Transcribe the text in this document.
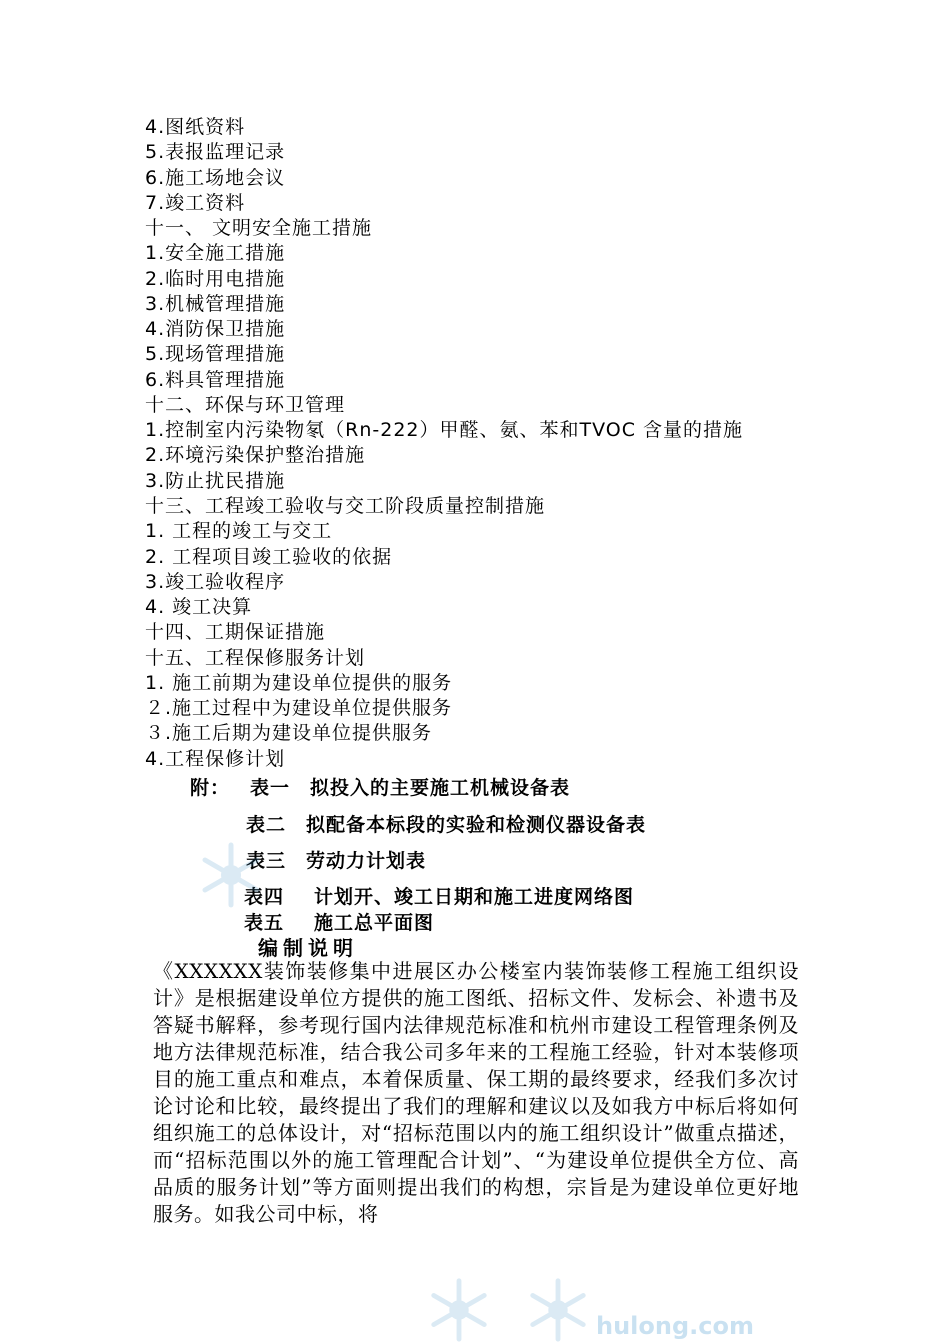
4.图纸资料
5.表报监理记录
6.施工场地会议
7.竣工资料
十一、 文明安全施工措施
1.安全施工措施
2.临时用电措施
3.机械管理措施
4.消防保卫措施
5.现场管理措施
6.料具管理措施
十二、环保与环卫管理
1.控制室内污染物氡（Rn-222）甲醛、氨、苯和TVOC 含量的措施
2.环境污染保护整治措施
3.防止扰民措施
十三、工程竣工验收与交工阶段质量控制措施
1. 工程的竣工与交工
2. 工程项目竣工验收的依据
3.竣工验收程序
4. 竣工决算
十四、工期保证措施
十五、工程保修服务计划
1. 施工前期为建设单位提供的服务
２.施工过程中为建设单位提供服务
３.施工后期为建设单位提供服务
4.工程保修计划
附： 表一 拟投入的主要施工机械设备表
表二 拟配备本标段的实验和检测仪器设备表
表三 劳动力计划表
表四 计划开、竣工日期和施工进度网络图
表五 施工总平面图
编制说明
《XXXXXX装饰装修集中进展区办公楼室内装饰装修工程施工组织设计》是根据建设单位方提供的施工图纸、招标文件、发标会、补遗书及答疑书解释，参考现行国内法律规范标准和杭州市建设工程管理条例及地方法律规范标准，结合我公司多年来的工程施工经验，针对本装修项目的施工重点和难点，本着保质量、保工期的最终要求，经我们多次讨论讨论和比较，最终提出了我们的理解和建议以及如我方中标后将如何组织施工的总体设计，对“招标范围以内的施工组织设计”做重点描述，而“招标范围以外的施工管理配合计划”、“为建设单位提供全方位、高品质的服务计划”等方面则提出我们的构想，宗旨是为建设单位更好地服务。如我公司中标，将
hulong.com
